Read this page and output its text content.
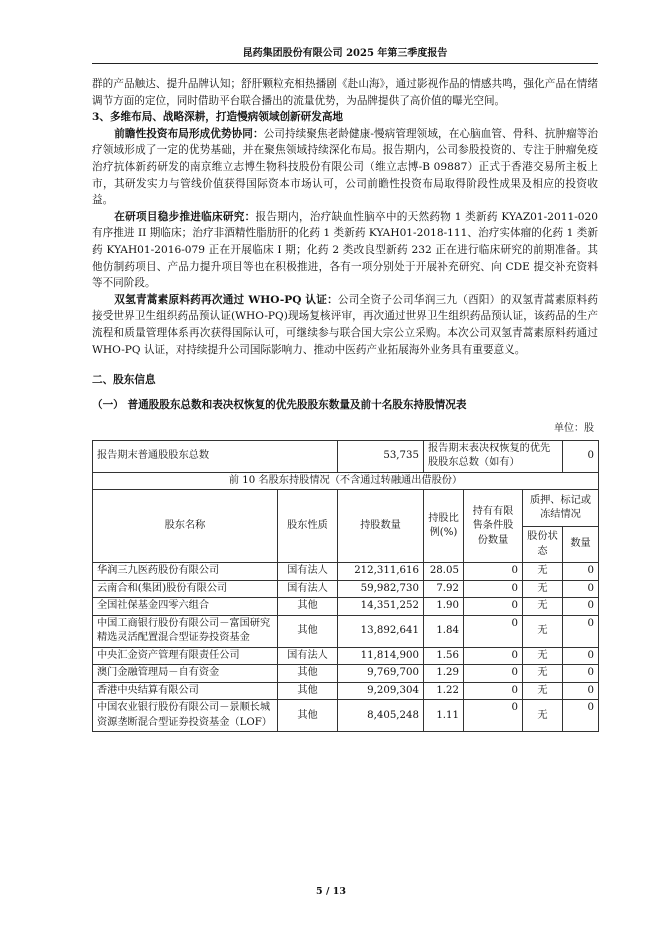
昆药集团股份有限公司 2025 年第三季度报告

群的产品触达、提升品牌认知；舒肝颗粒充相热播剧《赴山海》，通过影视作品的情感共鸣，强化产品在情绪调节方面的定位，同时借助平台联合播出的流量优势，为品牌提供了高价值的曝光空间。

3、多维布局、战略深耕，打造慢病领域创新研发高地

前瞻性投资布局形成优势协同：公司持续聚焦老龄健康-慢病管理领域，在心脑血管、骨科、抗肿瘤等治疗领域形成了一定的优势基础，并在聚焦领域持续深化布局。报告期内，公司参股投资的、专注于肿瘤免疫治疗抗体新药研发的南京维立志博生物科技股份有限公司（维立志博-B 09887）正式于香港交易所主板上市，其研发实力与管线价值获得国际资本市场认可，公司前瞻性投资布局取得阶段性成果及相应的投资收益。

在研项目稳步推进临床研究：报告期内，治疗缺血性脑卒中的天然药物 1 类新药 KYAZ01-2011-020 有序推进 II 期临床；治疗非酒精性脂肪肝的化药 1 类新药 KYAH01-2018-111、治疗实体瘤的化药 1 类新药 KYAH01-2016-079 正在开展临床 I 期；化药 2 类改良型新药 232 正在进行临床研究的前期准备。其他仿制药项目、产品力提升项目等也在积极推进，各有一项分别处于开展补充研究、向 CDE 提交补充资料等不同阶段。

双氢青蒿素原料药再次通过 WHO-PQ 认证：公司全资子公司华润三九（酉阳）的双氢青蒿素原料药接受世界卫生组织药品预认证(WHO-PQ)现场复核评审，再次通过世界卫生组织药品预认证，该药品的生产流程和质量管理体系再次获得国际认可，可继续参与联合国大宗公立采购。本次公司双氢青蒿素原料药通过 WHO-PQ 认证，对持续提升公司国际影响力、推动中医药产业拓展海外业务具有重要意义。

二、股东信息
（一） 普通股股东总数和表决权恢复的优先股股东数量及前十名股东持股情况表
单位：股
报告期末普通股股东总数		53,735	报告期末表决权恢复的优先股股东总数（如有）			0
前 10 名股东持股情况（不含通过转融通出借股份）						
股东名称	股东性质	持股数量	持股比例(%)	持有有限售条件股份数量	质押、标记或冻结情况	
					股份状态	数量
华润三九医药股份有限公司	国有法人	212,311,616	28.05	0	无	0
云南合和(集团)股份有限公司	国有法人	59,982,730	7.92	0	无	0
全国社保基金四零六组合	其他	14,351,252	1.90	0	无	0
中国工商银行股份有限公司－富国研究精选灵活配置混合型证券投资基金	其他	13,892,641	1.84	0	无	0
中央汇金资产管理有限责任公司	国有法人	11,814,900	1.56	0	无	0
澳门金融管理局－自有资金	其他	9,769,700	1.29	0	无	0
香港中央结算有限公司	其他	9,209,304	1.22	0	无	0
中国农业银行股份有限公司－景顺长城资源垄断混合型证券投资基金（LOF）	其他	8,405,248	1.11	0	无	0
5 / 13
